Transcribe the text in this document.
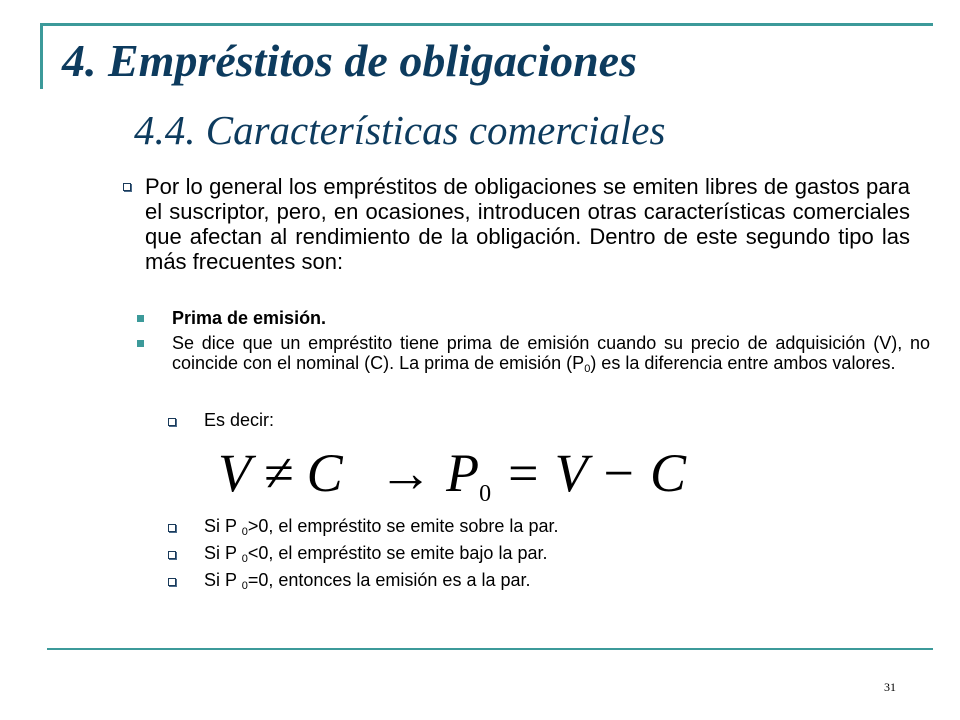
4. Empréstitos de obligaciones
4.4. Características comerciales
Por lo general los empréstitos de obligaciones se emiten libres de gastos para el suscriptor, pero, en ocasiones, introducen otras características comerciales que afectan al rendimiento de la obligación. Dentro de este segundo tipo las más frecuentes son:
Prima de emisión.
Se dice que un empréstito tiene prima de emisión cuando su precio de adquisición (V), no coincide con el nominal (C). La prima de emisión $(P_0)$ es la diferencia entre ambos valores.
Es decir:
$V \ne C \to P_0 = V - C$
Si P $_0$>0, el empréstito se emite sobre la par.
Si P $_0$<0, el empréstito se emite bajo la par.
Si P $_0$=0, entonces la emisión es a la par.
31
